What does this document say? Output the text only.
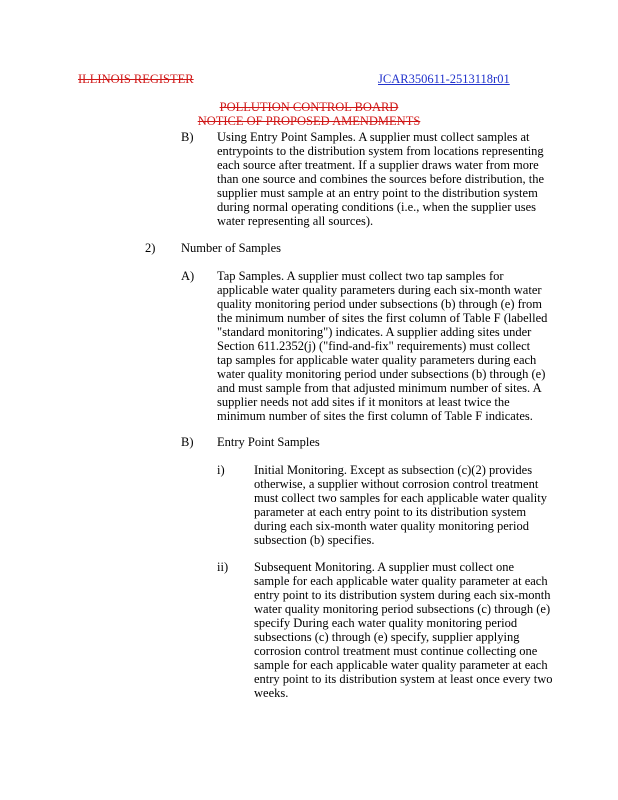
ILLINOIS REGISTER	JCAR350611-2513118r01
POLLUTION CONTROL BOARD
NOTICE OF PROPOSED AMENDMENTS
B) Using Entry Point Samples. A supplier must collect samples at
entrypoints to the distribution system from locations representing
each source after treatment. If a supplier draws water from more
than one source and combines the sources before distribution, the
supplier must sample at an entry point to the distribution system
during normal operating conditions (i.e., when the supplier uses
water representing all sources).
2) Number of Samples
A) Tap Samples. A supplier must collect two tap samples for
applicable water quality parameters during each six-month water
quality monitoring period under subsections (b) through (e) from
the minimum number of sites the first column of Table F (labelled
"standard monitoring") indicates. A supplier adding sites under
Section 611.2352(j) ("find-and-fix" requirements) must collect
tap samples for applicable water quality parameters during each
water quality monitoring period under subsections (b) through (e)
and must sample from that adjusted minimum number of sites. A
supplier needs not add sites if it monitors at least twice the
minimum number of sites the first column of Table F indicates.
B) Entry Point Samples
i) Initial Monitoring. Except as subsection (c)(2) provides
otherwise, a supplier without corrosion control treatment
must collect two samples for each applicable water quality
parameter at each entry point to its distribution system
during each six-month water quality monitoring period
subsection (b) specifies.
ii) Subsequent Monitoring. A supplier must collect one
sample for each applicable water quality parameter at each
entry point to its distribution system during each six-month
water quality monitoring period subsections (c) through (e)
specify During each water quality monitoring period
subsections (c) through (e) specify, supplier applying
corrosion control treatment must continue collecting one
sample for each applicable water quality parameter at each
entry point to its distribution system at least once every two
weeks.
